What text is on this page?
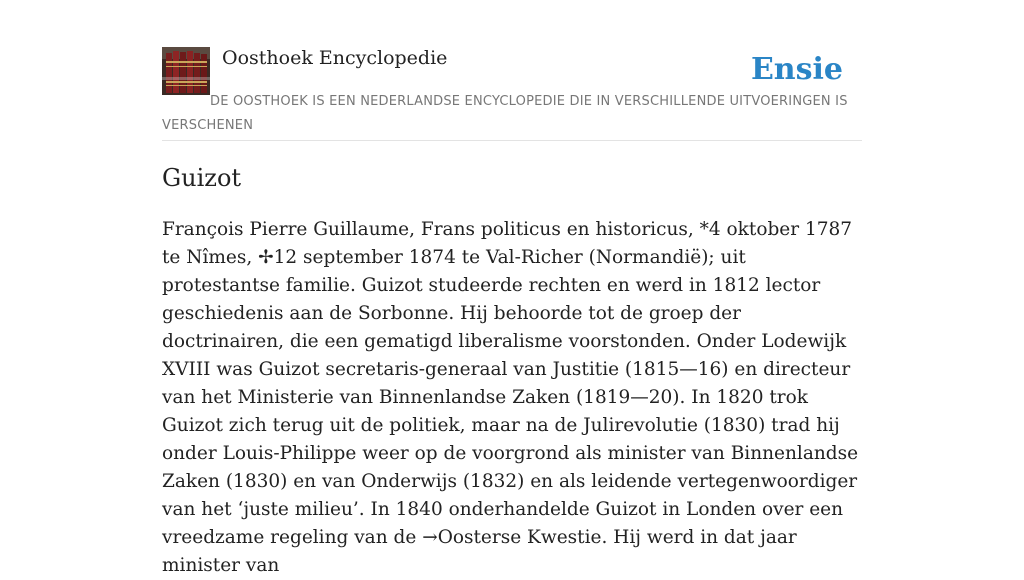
Oosthoek Encyclopedie	Ensie

DE OOSTHOEK IS EEN NEDERLANDSE ENCYCLOPEDIE DIE IN VERSCHILLENDE UITVOERINGEN IS VERSCHENEN

Guizot

François Pierre Guillaume, Frans politicus en historicus, *4 oktober 1787 te Nîmes, ✢12 september 1874 te Val-Richer (Normandië); uit protestantse familie. Guizot studeerde rechten en werd in 1812 lector geschiedenis aan de Sorbonne. Hij behoorde tot de groep der doctrinairen, die een gematigd liberalisme voorstonden. Onder Lodewijk XVIII was Guizot secretaris-generaal van Justitie (1815—16) en directeur van het Ministerie van Binnenlandse Zaken (1819—20). In 1820 trok Guizot zich terug uit de politiek, maar na de Julirevolutie (1830) trad hij onder Louis-Philippe weer op de voorgrond als minister van Binnenlandse Zaken (1830) en van Onderwijs (1832) en als leidende vertegenwoordiger van het ‘juste milieu’. In 1840 onderhandelde Guizot in Londen over een vreedzame regeling van de →Oosterse Kwestie. Hij werd in dat jaar minister van
